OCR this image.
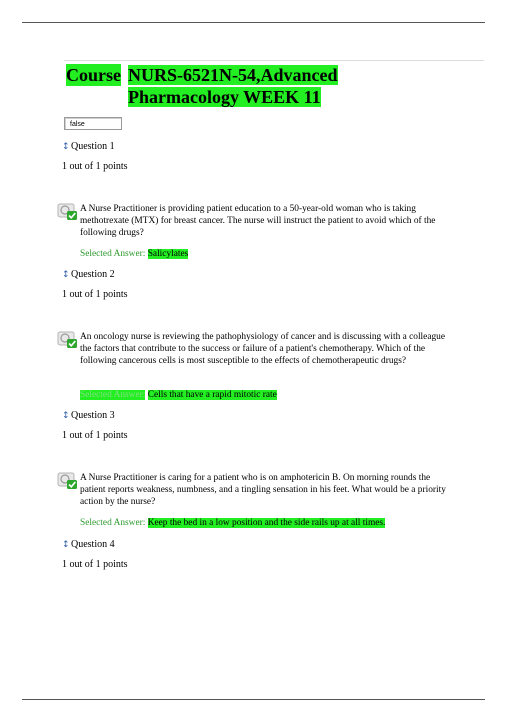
Course NURS-6521N-54,Advanced Pharmacology WEEK 11
false
↕ Question 1
1 out of 1 points
A Nurse Practitioner is providing patient education to a 50-year-old woman who is taking methotrexate (MTX) for breast cancer. The nurse will instruct the patient to avoid which of the following drugs?
Selected Answer: Salicylates
↕ Question 2
1 out of 1 points
An oncology nurse is reviewing the pathophysiology of cancer and is discussing with a colleague the factors that contribute to the success or failure of a patient's chemotherapy. Which of the following cancerous cells is most susceptible to the effects of chemotherapeutic drugs?
Selected Answer: Cells that have a rapid mitotic rate
↕ Question 3
1 out of 1 points
A Nurse Practitioner is caring for a patient who is on amphotericin B. On morning rounds the patient reports weakness, numbness, and a tingling sensation in his feet. What would be a priority action by the nurse?
Selected Answer: Keep the bed in a low position and the side rails up at all times.
↕ Question 4
1 out of 1 points
